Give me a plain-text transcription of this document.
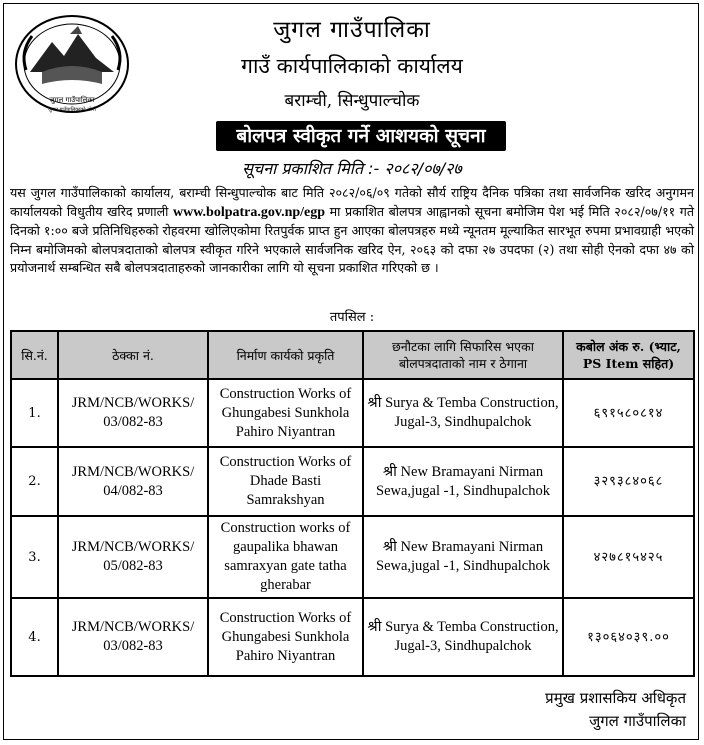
जुगल गाउँपालिका
जुगल गाउँपालिकाको लोगो
जुगल गाउँपालिका
गाउँ कार्यपालिकाको कार्यालय
बराम्ची, सिन्धुपाल्चोक
बोलपत्र स्वीकृत गर्ने आशयको सूचना
सूचना प्रकाशित मिति :- २०८२/०७/२७
यस जुगल गाउँपालिकाको कार्यालय, बराम्ची सिन्धुपाल्चोक बाट मिति २०८२/०६/०९ गतेको सौर्य राष्ट्रिय दैनिक पत्रिका तथा सार्वजनिक खरिद अनुगमन कार्यालयको विधुतीय खरिद प्रणाली www.bolpatra.gov.np/egp मा प्रकाशित बोलपत्र आह्वानको सूचना बमोजिम पेश भई मिति २०८२/०७/११ गते दिनको १:०० बजे प्रतिनिधिहरुको रोहवरमा खोलिएकोमा रितपुर्वक प्राप्त हुन आएका बोलपत्रहरु मध्ये न्यूनतम मूल्याकित सारभूत रुपमा प्रभावग्राही भएको निम्न बमोजिमको बोलपत्रदाताको बोलपत्र स्वीकृत गरिने भएकाले सार्वजनिक खरिद ऐन, २०६३ को दफा २७ उपदफा (२) तथा सोही ऐनको दफा ४७ को प्रयोजनार्थ सम्बन्धित सबै बोलपत्रदाताहरुको जानकारीका लागि यो सूचना प्रकाशित गरिएको छ ।
तपसिल :
सि.नं.	ठेक्का नं.	निर्माण कार्यको प्रकृति	छनौटका लागि सिफारिस भएका बोलपत्रदाताको नाम र ठेगाना	कबोल अंक रु. (भ्याट,
PS Item सहित)
1.	JRM/NCB/WORKS/ 03/082-83	Construction Works of Ghungabesi Sunkhola Pahiro Niyantran	श्री Surya & Temba Construction, Jugal-3, Sindhupalchok	६९१५८०८१४
2.	JRM/NCB/WORKS/ 04/082-83	Construction Works of Dhade Basti Samrakshyan	श्री New Bramayani Nirman Sewa,jugal -1, Sindhupalchok	३२९३८४०६८
3.	JRM/NCB/WORKS/ 05/082-83	Construction works of gaupalika bhawan samraxyan gate tatha gherabar	श्री New Bramayani Nirman Sewa,jugal -1, Sindhupalchok	४२७८१५४२५
4.	JRM/NCB/WORKS/ 03/082-83	Construction Works of Ghungabesi Sunkhola Pahiro Niyantran	श्री Surya & Temba Construction, Jugal-3, Sindhupalchok	१३०६४०३९.००
प्रमुख प्रशासकिय अधिकृत
जुगल गाउँपालिका
